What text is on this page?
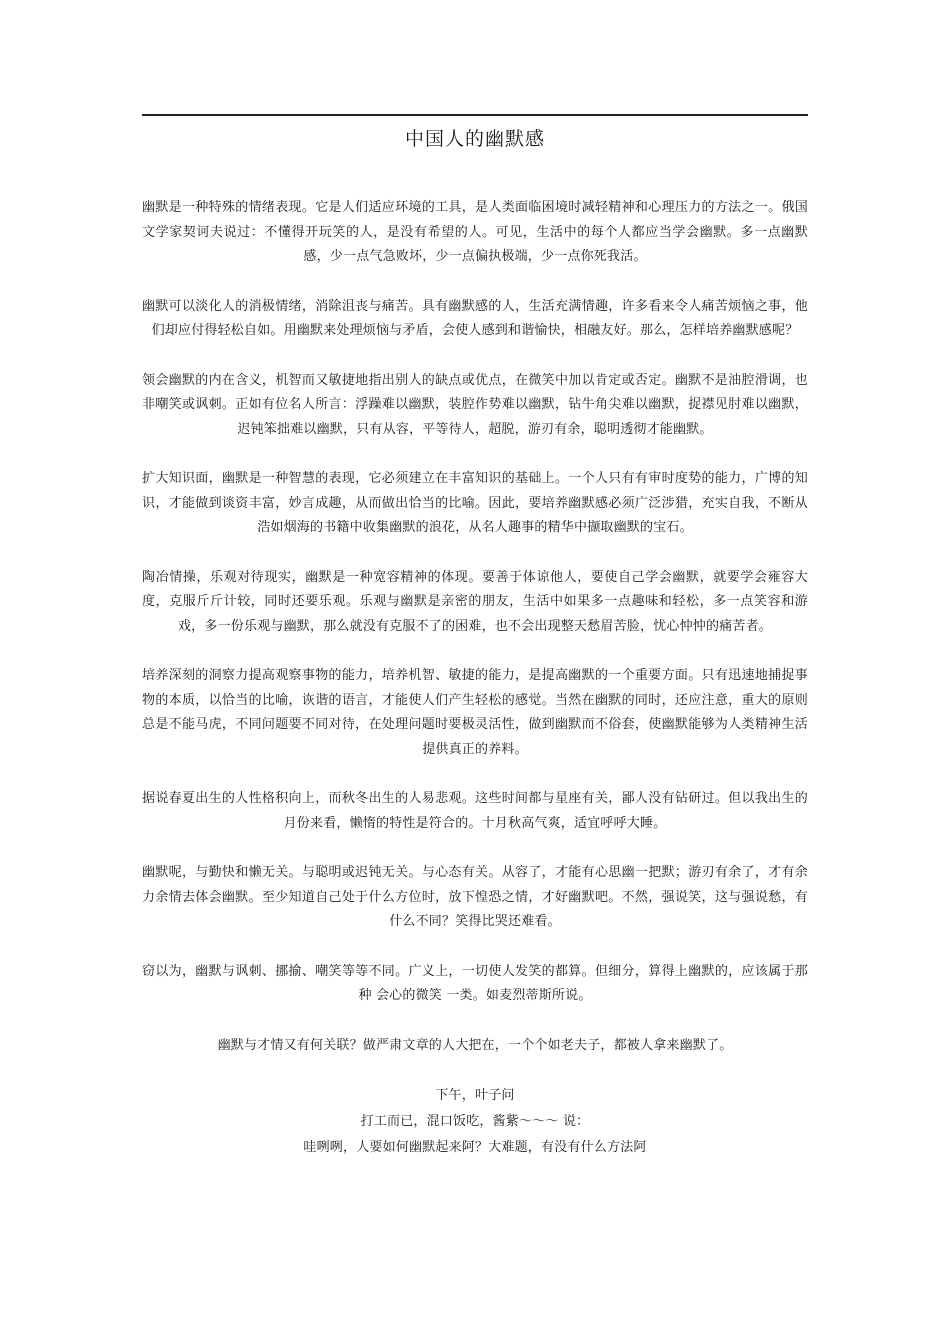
中国人的幽默感

幽默是一种特殊的情绪表现。它是人们适应环境的工具，是人类面临困境时减轻精神和心理压力的方法之一。俄国文学家契诃夫说过：不懂得开玩笑的人，是没有希望的人。可见，生活中的每个人都应当学会幽默。多一点幽默感，少一点气急败坏，少一点偏执极端，少一点你死我活。

幽默可以淡化人的消极情绪，消除沮丧与痛苦。具有幽默感的人，生活充满情趣，许多看来令人痛苦烦恼之事，他们却应付得轻松自如。用幽默来处理烦恼与矛盾，会使人感到和谐愉快，相融友好。那么，怎样培养幽默感呢？

领会幽默的内在含义，机智而又敏捷地指出别人的缺点或优点，在微笑中加以肯定或否定。幽默不是油腔滑调，也非嘲笑或讽刺。正如有位名人所言：浮躁难以幽默，装腔作势难以幽默，钻牛角尖难以幽默，捉襟见肘难以幽默，迟钝笨拙难以幽默，只有从容，平等待人，超脱，游刃有余，聪明透彻才能幽默。

扩大知识面，幽默是一种智慧的表现，它必须建立在丰富知识的基础上。一个人只有有审时度势的能力，广博的知识，才能做到谈资丰富，妙言成趣，从而做出恰当的比喻。因此，要培养幽默感必须广泛涉猎，充实自我，不断从浩如烟海的书籍中收集幽默的浪花，从名人趣事的精华中撷取幽默的宝石。

陶冶情操，乐观对待现实，幽默是一种宽容精神的体现。要善于体谅他人，要使自己学会幽默，就要学会雍容大度，克服斤斤计较，同时还要乐观。乐观与幽默是亲密的朋友，生活中如果多一点趣味和轻松，多一点笑容和游戏，多一份乐观与幽默，那么就没有克服不了的困难，也不会出现整天愁眉苦脸，忧心忡忡的痛苦者。

培养深刻的洞察力提高观察事物的能力，培养机智、敏捷的能力，是提高幽默的一个重要方面。只有迅速地捕捉事物的本质，以恰当的比喻，诙谐的语言，才能使人们产生轻松的感觉。当然在幽默的同时，还应注意，重大的原则总是不能马虎，不同问题要不同对待，在处理问题时要极灵活性，做到幽默而不俗套，使幽默能够为人类精神生活提供真正的养料。

据说春夏出生的人性格积向上，而秋冬出生的人易悲观。这些时间都与星座有关，鄙人没有钻研过。但以我出生的月份来看，懒惰的特性是符合的。十月秋高气爽，适宜呼呼大睡。

幽默呢，与勤快和懒无关。与聪明或迟钝无关。与心态有关。从容了，才能有心思幽一把默；游刃有余了，才有余力余情去体会幽默。至少知道自己处于什么方位时，放下惶恐之情，才好幽默吧。不然，强说笑，这与强说愁，有什么不同？笑得比哭还难看。

窃以为，幽默与讽刺、挪揄、嘲笑等等不同。广义上，一切使人发笑的都算。但细分，算得上幽默的，应该属于那种 会心的微笑 一类。如麦烈蒂斯所说。

幽默与才情又有何关联？做严肃文章的人大把在，一个个如老夫子，都被人拿来幽默了。

下午，叶子问
打工而已，混口饭吃，酱紫～～～ 说：
哇咧咧，人要如何幽默起来阿？大难题，有没有什么方法阿
